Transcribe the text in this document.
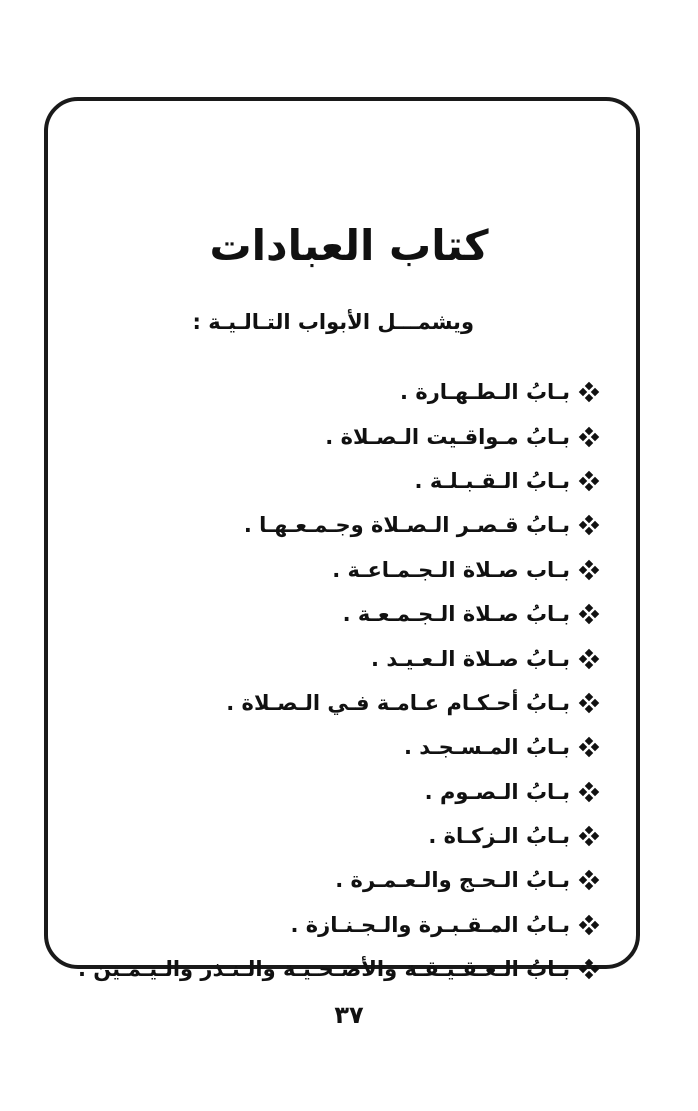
كتاب العبادات
ويشمـــل الأبواب التـالـيـة :
بـابُ الـطـهـارة .
بـابُ مـواقـيت الـصـلاة .
بـابُ الـقـبـلـة .
بـابُ قـصـر الـصـلاة وجـمـعـهـا .
بـاب صـلاة الـجـمـاعـة .
بـابُ صـلاة الـجـمـعـة .
بـابُ صـلاة الـعـيـد .
بـابُ أحـكـام عـامـة فـي الـصـلاة .
بـابُ المـسـجـد .
بـابُ الـصـوم .
بـابُ الـزكـاة .
بـابُ الـحـج والـعـمـرة .
بـابُ المـقـبـرة والـجـنـازة .
بـابُ الـعـقـيـقـة والأضـحـيـة والـنـذر والـيـمـين .
٣٧
